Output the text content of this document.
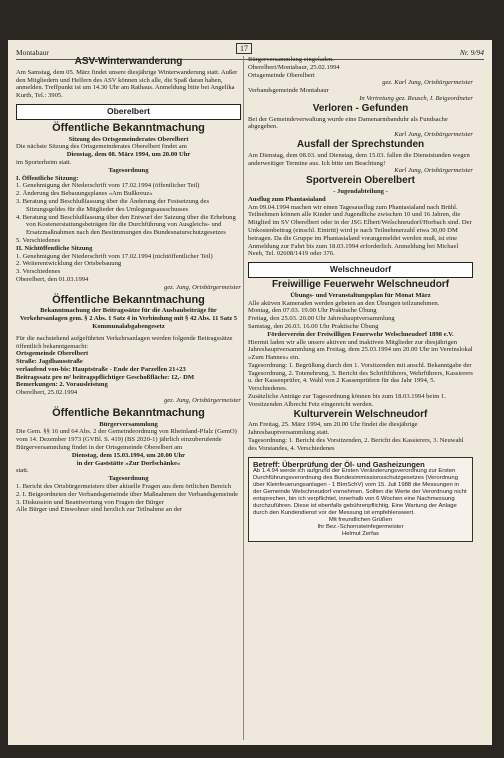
Montabaur	17	Nr. 9/94
ASV-Winterwanderung

Am Samstag, dem 05. März findet unsere diesjährige Winterwanderung statt. Außer den Mitgliedern und Helfern des ASV können sich alle, die Spaß daran haben, anmelden. Treffpunkt ist um 14.30 Uhr am Rathaus. Anmeldung bitte bei Angelika Kurth, Tel.: 3905.

Oberelbert
Öffentliche Bekanntmachung

Sitzung des Ortsgemeinderates Oberelbert

Die nächste Sitzung des Ortsgemeinderates Oberelbert findet am

Dienstag, dem 08. März 1994, um 20.00 Uhr

im Sporterheim statt.

Tagesordnung

I. Öffentliche Sitzung:

1. Genehmigung der Niederschrift vom 17.02.1994 (öffentlicher Teil)

2. Änderung des Bebauungsplanes «Am Bußkreuz»

3. Beratung und Beschlußfassung über die Änderung der Festsetzung des Sitzungsgeldes für die Mitglieder des Umlegungsausschusses

4. Beratung und Beschlußfassung über den Entwurf der Satzung über die Erhebung von Kostenerstattungsbeträgen für die Durchführung von Ausgleichs- und Ersatzmaßnahmen nach den Bestimmungen des Bundesnaturschutzgesetzes

5. Verschiedenes

II. Nichtöffentliche Sitzung

1. Genehmigung der Niederschrift vom 17.02.1994 (nichtöffentlicher Teil)

2. Weiterentwicklung der Ortsbebauung

3. Verschiedenes

Oberelbert, den 01.03.1994

gez. Jung, Ortsbürgermeister

Öffentliche Bekanntmachung

Bekanntmachung der Beitragssätze für die Ausbaubeiträge für Verkehrsanlagen gem. § 2 Abs. 1 Satz 4 in Verbindung mit § 42 Abs. 11 Satz 5 Kommunalabgabengesetz

Für die nachstehend aufgeführten Verkehrsanlagen werden folgende Beitragssätze öffentlich bekanntgemacht:

Ortsgemeinde Oberelbert

Straße: Jagdhausstraße

verlaufend von-bis: Hauptstraße - Ende der Parzellen 21+23

Beitragssatz pro m² beitragspflichtiger Geschoßfläche: 12,- DM

Bemerkungen: 2. Vorausleistung

Oberelbert, 25.02.1994

gez. Jung, Ortsbürgermeister

Öffentliche Bekanntmachung

Bürgerversammlung

Die Gem. §§ 16 und 64 Abs. 2 der Gemeindeordnung von Rheinland-Pfalz (GemO) vom 14. Dezember 1973 (GVBl. S. 419) (BS 2020-1) jährlich einzuberufende Bürgerversammlung findet in der Ortsgemeinde Oberelbert am

Dienstag, dem 15.03.1994, um 20.00 Uhr

in der Gaststätte »Zur Dorfschänke«

statt.

Tagesordnung

1. Bericht des Ortsbürgermeisters über aktuelle Fragen aus dem örtlichen Bereich

2. I. Beigeordneten der Verbandsgemeinde über Maßnahmen der Verbandsgemeinde

3. Diskussion und Beantwortung von Fragen der Bürger

Alle Bürger und Einwohner sind herzlich zur Teilnahme an der

Bürgerversammlung eingeladen.

Oberelbert/Montabaur, 25.02.1994

Ortsgemeinde Oberelbert

gez. Karl Jung, Ortsbürgermeister

Verbandsgemeinde Montabaur

In Vertretung gez. Reusch, I. Beigeordneter

Verloren - Gefunden

Bei der Gemeindeverwaltung wurde eine Damenarmbanduhr als Fundsache abgegeben.

Karl Jung, Ortsbürgermeister

Ausfall der Sprechstunden

Am Dienstag, dem 08.03. und Dienstag, dem 15.03. fallen die Dienststunden wegen anderweitiger Termine aus. Ich bitte um Beachtung!

Karl Jung, Ortsbürgermeister

Sportverein Oberelbert

- Jugendabteilung -

Ausflug zum Phantasialand

Am 09.04.1994 machen wir einen Tagesausflug zum Phantasialand nach Brühl. Teilnehmen können alle Kinder und Jugendliche zwischen 10 und 16 Jahren, die Mitglied im SV Oberelbert oder in der JSG Elbert/Welschneudorf/Horbach sind. Der Unkostenbeitrag (einschl. Eintritt) wird je nach Teilnehmerzahl etwa 30,00 DM betragen. Da die Gruppe im Phantasialand vorangemeldet werden muß, ist eine Anmeldung zur Fahrt bis zum 18.03.1994 erforderlich. Anmeldung bei Michael Neeb, Tel. 02608/1419 oder 376.

Welschneudorf
Freiwillige Feuerwehr Welschneudorf

Übungs- und Veranstaltungsplan für Monat März

Alle aktiven Kameraden werden gebeten an den Übungen teilzunehmen.

Montag, den 07.03. 19.00 Uhr Praktische Übung

Freitag, den 25.03. 20.00 Uhr Jahreshauptversammlung

Samstag, den 26.03. 16.00 Uhr Praktische Übung

Förderverein der Freiwilligen Feuerwehr Welschneudorf 1898 e.V.

Hiermit laden wir alle unsere aktiven und inaktiven Mitglieder zur diesjährigen Jahreshauptversammlung am Freitag, dem 25.03.1994 um 20.00 Uhr im Vereinslokal »Zum Hannes« ein.

Tagesordnung: 1. Begrüßung durch den 1. Vorsitzenden mit anschl. Bekanntgabe der Tagesordnung, 2. Totenehrung, 3. Bericht des Schriftführers, Wehrführers, Kassierers u. der Kassenprüfer, 4. Wahl von 2 Kassenprüfern für das Jahr 1994, 5. Verschiedenes.

Zusätzliche Anträge zur Tagesordnung können bis zum 18.03.1994 beim 1. Vorsitzenden Albrecht Fetz eingereicht werden.

Kulturverein Welschneudorf

Am Freitag, 25. März 1994, um 20.00 Uhr findet die diesjährige Jahreshauptversammlung statt.

Tagesordnung: 1. Bericht des Vorsitzenden, 2. Bericht des Kassierers, 3. Neuwahl des Vorstandes, 4. Verschiedenes

Betreff: Überprüfung der Öl- und Gasheizungen

Ab 1.4.94 werde ich aufgrund der Ersten Veränderungsverordnung zur Ersten Durchführungsverordnung des Bundesimmissionsschutzgesetzes (Verordnung über Kleinfeuerungsanlagen - 1 BImSchV) vom 15. Juli 1988 die Messungen in der Gemeinde Welschneudorf vornehmen. Sollten die Werte der Verordnung nicht entsprechen, bin ich verpflichtet, innerhalb von 6 Wochen eine Nachmessung durchzuführen. Diese ist ebenfalls gebührenpflichtig. Eine Wartung der Anlage durch den Kundendienst vor der Messung ist empfehlenswert.

Mit freundlichen Grüßen

Ihr Bez.-Schornsteinfegermeister

Helmut Zerfas
